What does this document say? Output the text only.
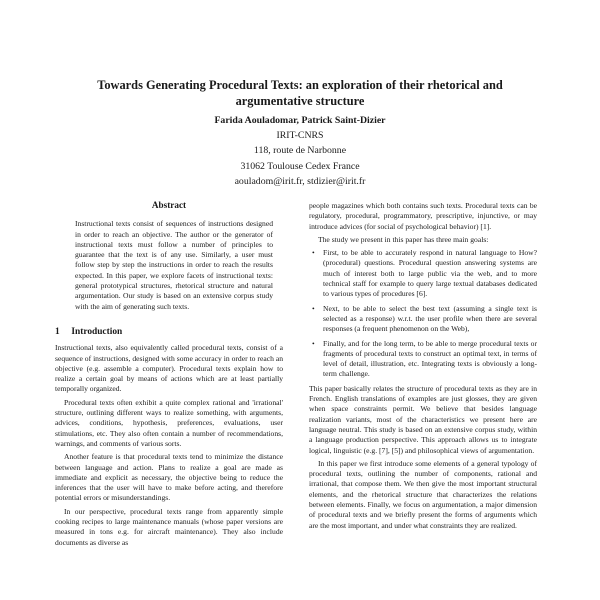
Towards Generating Procedural Texts: an exploration of their rhetorical and
argumentative structure
Farida Aouladomar, Patrick Saint-Dizier
IRIT-CNRS
118, route de Narbonne
31062 Toulouse Cedex France
aouladom@irit.fr, stdizier@irit.fr
Abstract

Instructional texts consist of sequences of instructions designed in order to reach an objective. The author or the generator of instructional texts must follow a number of principles to guarantee that the text is of any use. Similarly, a user must follow step by step the instructions in order to reach the results expected. In this paper, we explore facets of instructional texts: general prototypical structures, rhetorical structure and natural argumentation. Our study is based on an extensive corpus study with the aim of generating such texts.

1 Introduction

Instructional texts, also equivalently called procedural texts, consist of a sequence of instructions, designed with some accuracy in order to reach an objective (e.g. assemble a computer). Procedural texts explain how to realize a certain goal by means of actions which are at least partially temporally organized.

Procedural texts often exhibit a quite complex rational and 'irrational' structure, outlining different ways to realize something, with arguments, advices, conditions, hypothesis, preferences, evaluations, user stimulations, etc. They also often contain a number of recommendations, warnings, and comments of various sorts.

Another feature is that procedural texts tend to minimize the distance between language and action. Plans to realize a goal are made as immediate and explicit as necessary, the objective being to reduce the inferences that the user will have to make before acting, and therefore potential errors or misunderstandings.

In our perspective, procedural texts range from apparently simple cooking recipes to large maintenance manuals (whose paper versions are measured in tons e.g. for aircraft maintenance). They also include documents as diverse as

people magazines which both contains such texts. Procedural texts can be regulatory, procedural, programmatory, prescriptive, injunctive, or may introduce advices (for social of psychological behavior) [1].

The study we present in this paper has three main goals:

• First, to be able to accurately respond in natural language to How? (procedural) questions. Procedural question answering systems are much of interest both to large public via the web, and to more technical staff for example to query large textual databases dedicated to various types of procedures [6].
• Next, to be able to select the best text (assuming a single text is selected as a response) w.r.t. the user profile when there are several responses (a frequent phenomenon on the Web),
• Finally, and for the long term, to be able to merge procedural texts or fragments of procedural texts to construct an optimal text, in terms of level of detail, illustration, etc. Integrating texts is obviously a long-term challenge.

This paper basically relates the structure of procedural texts as they are in French. English translations of examples are just glosses, they are given when space constraints permit. We believe that besides language realization variants, most of the characteristics we present here are language neutral. This study is based on an extensive corpus study, within a language production perspective. This approach allows us to integrate logical, linguistic (e.g. [7], [5]) and philosophical views of argumentation.

In this paper we first introduce some elements of a general typology of procedural texts, outlining the number of components, rational and irrational, that compose them. We then give the most important structural elements, and the rhetorical structure that characterizes the relations between elements. Finally, we focus on argumentation, a major dimension of procedural texts and we briefly present the forms of arguments which are the most important, and under what constraints they are realized.
